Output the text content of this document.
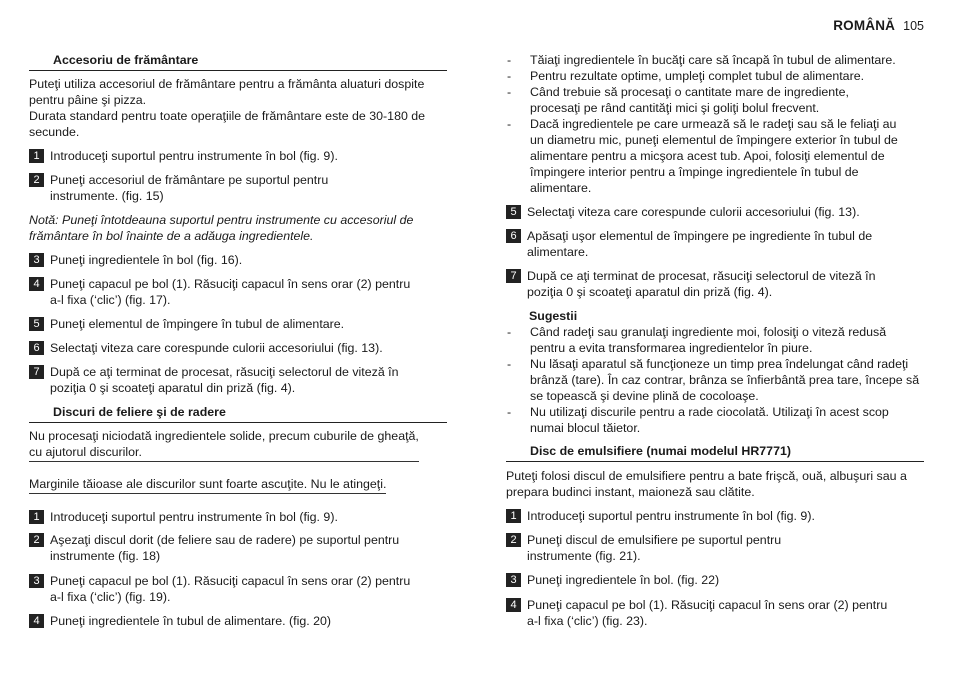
ROMÂNĂ 105
Accesoriu de frământare
Puteţi utiliza accesoriul de frământare pentru a frământa aluaturi dospite
pentru pâine şi pizza.
Durata standard pentru toate operaţiile de frământare este de 30-180 de
secunde.
1 Introduceţi suportul pentru instrumente în bol (fig. 9).
2 Puneţi accesoriul de frământare pe suportul pentru
instrumente. (fig. 15)
Notă: Puneţi întotdeauna suportul pentru instrumente cu accesoriul de
frământare în bol înainte de a adăuga ingredientele.
3 Puneţi ingredientele în bol (fig. 16).
4 Puneţi capacul pe bol (1). Răsuciţi capacul în sens orar (2) pentru
a-l fixa (‘clic’) (fig. 17).
5 Puneţi elementul de împingere în tubul de alimentare.
6 Selectaţi viteza care corespunde culorii accesoriului (fig. 13).
7 După ce aţi terminat de procesat, răsuciţi selectorul de viteză în
poziţia 0 şi scoateţi aparatul din priză (fig. 4).
Discuri de feliere şi de radere
Nu procesaţi niciodată ingredientele solide, precum cuburile de gheaţă,
cu ajutorul discurilor.
Marginile tăioase ale discurilor sunt foarte ascuţite. Nu le atingeţi.
1 Introduceţi suportul pentru instrumente în bol (fig. 9).
2 Aşezaţi discul dorit (de feliere sau de radere) pe suportul pentru
instrumente (fig. 18)
3 Puneţi capacul pe bol (1). Răsuciţi capacul în sens orar (2) pentru
a-l fixa (‘clic’) (fig. 19).
4 Puneţi ingredientele în tubul de alimentare. (fig. 20)
-	Tăiaţi ingredientele în bucăţi care să încapă în tubul de alimentare.
-	Pentru rezultate optime, umpleţi complet tubul de alimentare.
-	Când trebuie să procesaţi o cantitate mare de ingrediente,
procesaţi pe rând cantităţi mici şi goliţi bolul frecvent.
-	Dacă ingredientele pe care urmează să le radeţi sau să le feliaţi au
un diametru mic, puneţi elementul de împingere exterior în tubul de
alimentare pentru a micşora acest tub. Apoi, folosiţi elementul de
împingere interior pentru a împinge ingredientele în tubul de
alimentare.
5 Selectaţi viteza care corespunde culorii accesoriului (fig. 13).
6 Apăsaţi uşor elementul de împingere pe ingrediente în tubul de
alimentare.
7 După ce aţi terminat de procesat, răsuciţi selectorul de viteză în
poziţia 0 şi scoateţi aparatul din priză (fig. 4).
Sugestii
-	Când radeţi sau granulaţi ingrediente moi, folosiţi o viteză redusă
pentru a evita transformarea ingredientelor în piure.
-	Nu lăsaţi aparatul să funcţioneze un timp prea îndelungat când radeţi
brânză (tare). În caz contrar, brânza se înfierbântă prea tare, începe să
se topească şi devine plină de cocoloaşe.
-	Nu utilizaţi discurile pentru a rade ciocolată. Utilizaţi în acest scop
numai blocul tăietor.
Disc de emulsifiere (numai modelul HR7771)
Puteţi folosi discul de emulsifiere pentru a bate frişcă, ouă, albuşuri sau a
prepara budinci instant, maioneză sau clătite.
1 Introduceţi suportul pentru instrumente în bol (fig. 9).
2 Puneţi discul de emulsifiere pe suportul pentru
instrumente (fig. 21).
3 Puneţi ingredientele în bol. (fig. 22)
4 Puneţi capacul pe bol (1). Răsuciţi capacul în sens orar (2) pentru
a-l fixa (‘clic’) (fig. 23).
